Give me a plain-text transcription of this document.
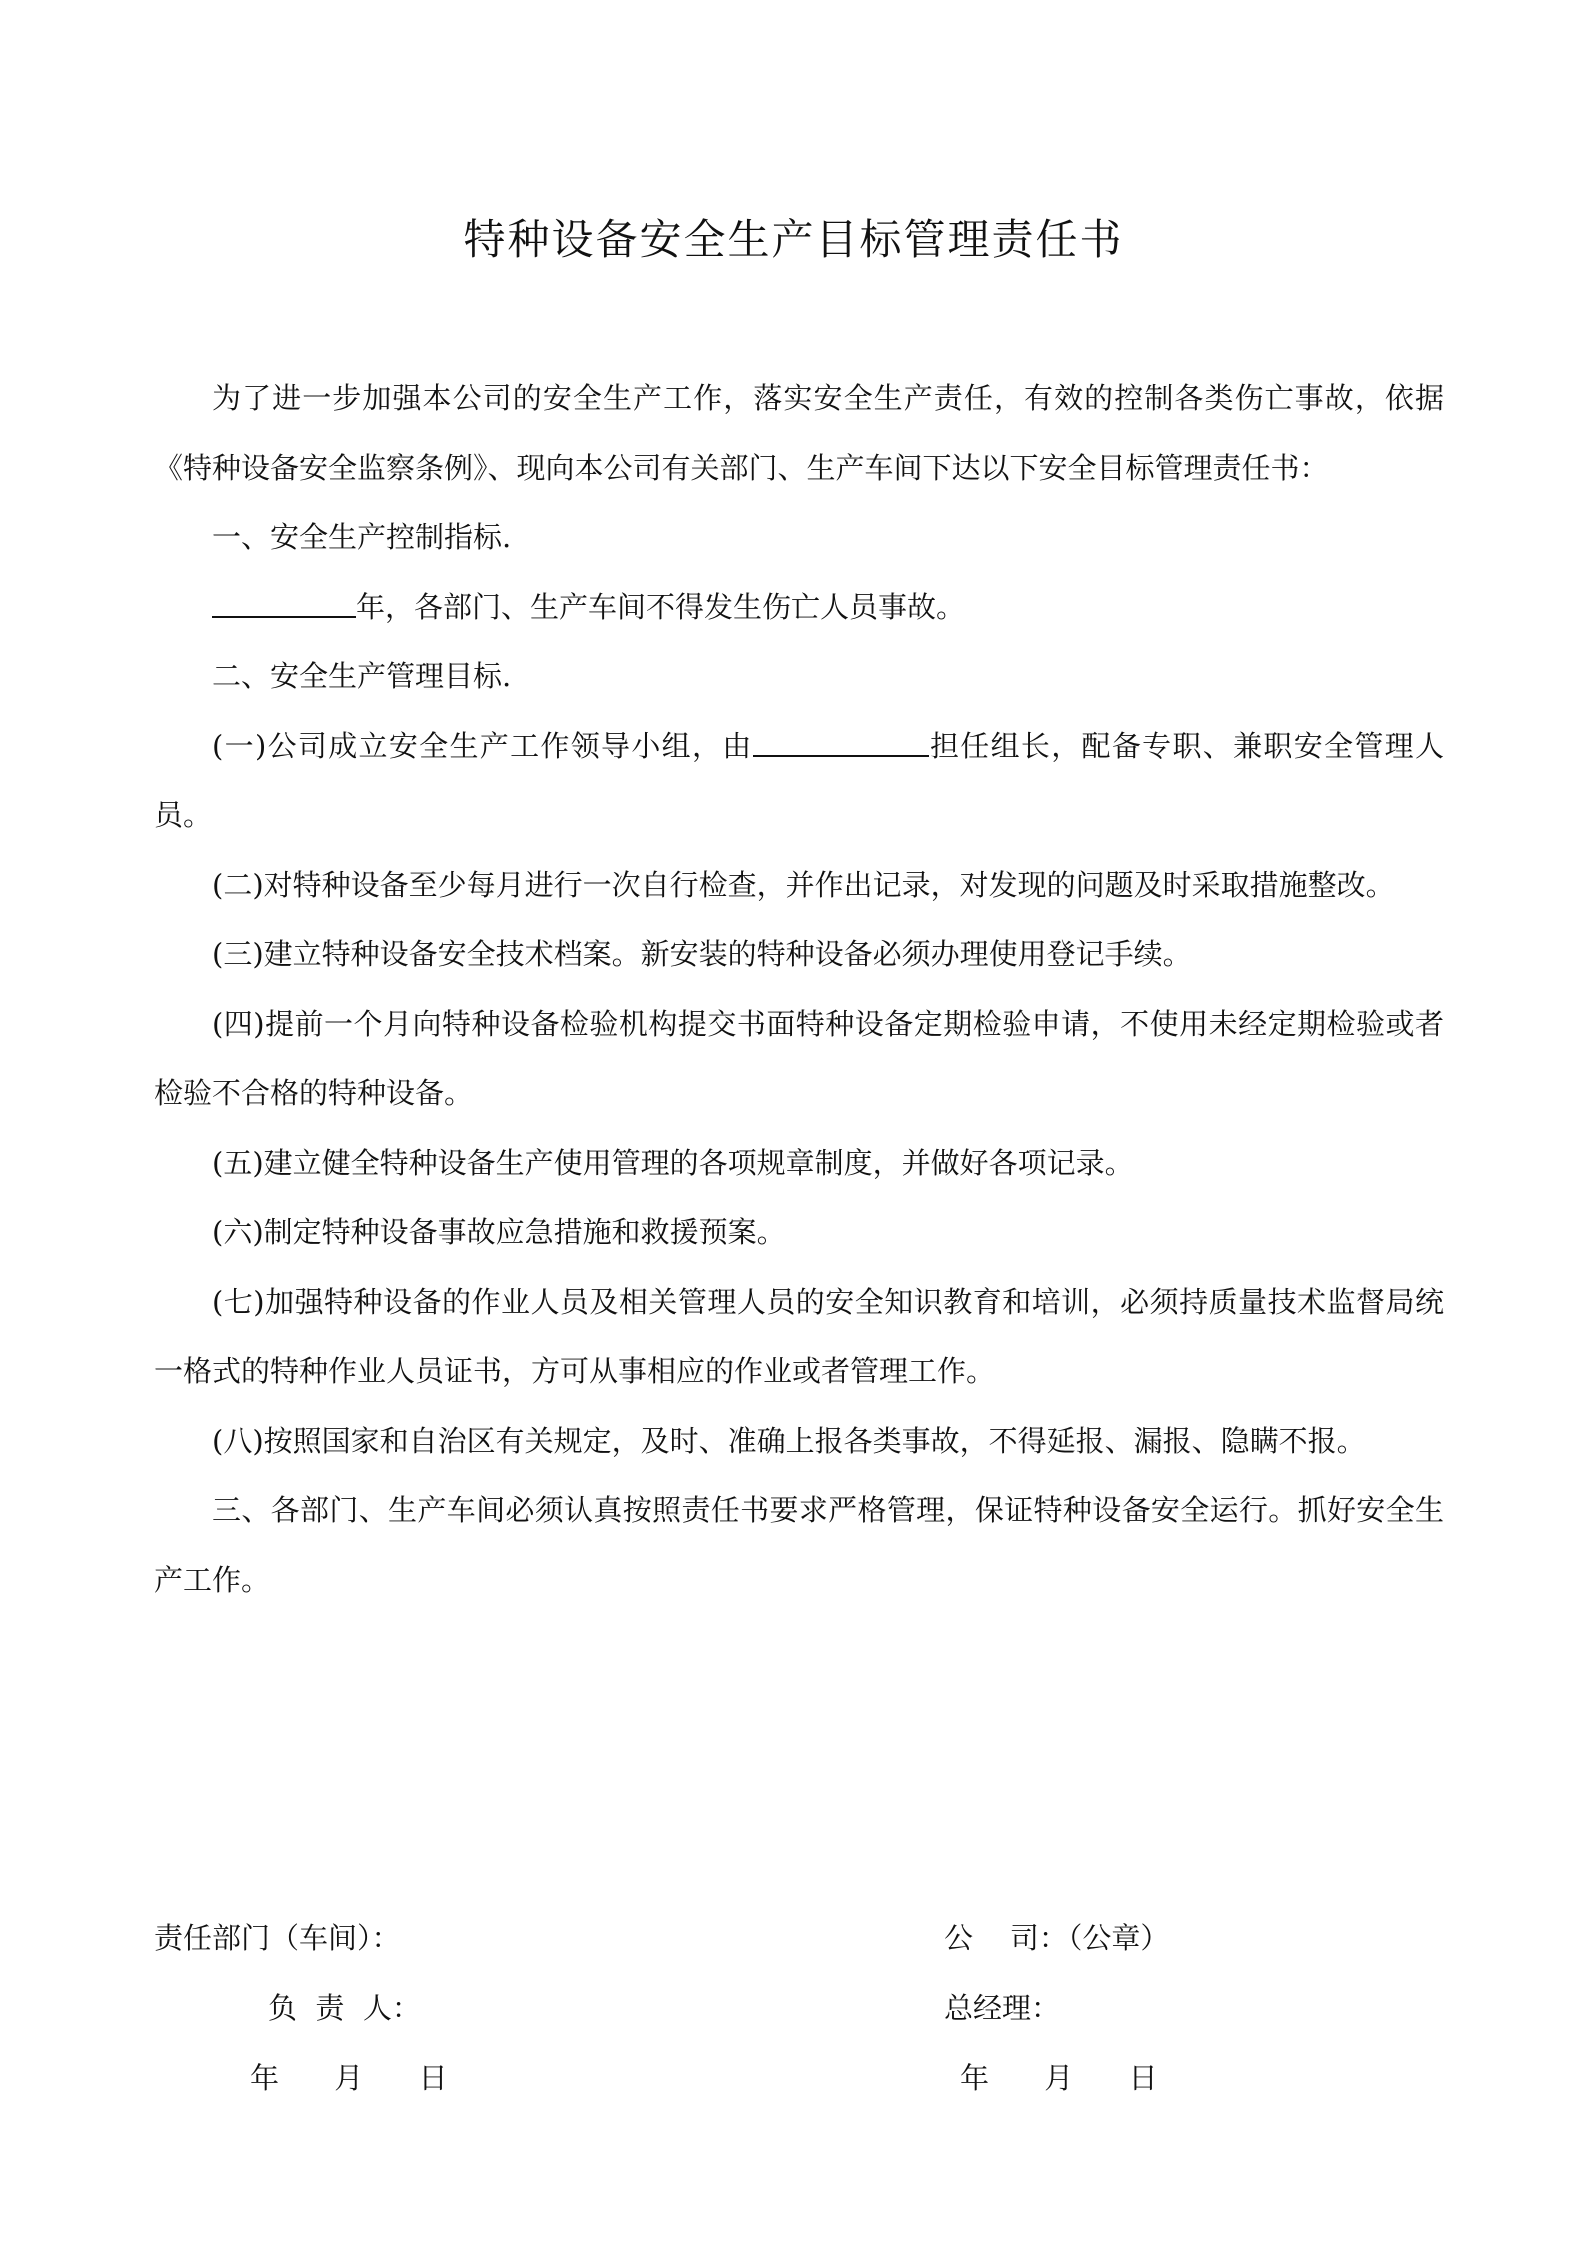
特种设备安全生产目标管理责任书

为了进一步加强本公司的安全生产工作，落实安全生产责任，有效的控制各类伤亡事故，依据《特种设备安全监察条例》、现向本公司有关部门、生产车间下达以下安全目标管理责任书：

一、安全生产控制指标.

年，各部门、生产车间不得发生伤亡人员事故。

二、安全生产管理目标.

(一)公司成立安全生产工作领导小组，由	担任组长，配备专职、兼职安全管理人员。

(二)对特种设备至少每月进行一次自行检查，并作出记录，对发现的问题及时采取措施整改。

(三)建立特种设备安全技术档案。新安装的特种设备必须办理使用登记手续。

(四)提前一个月向特种设备检验机构提交书面特种设备定期检验申请，不使用未经定期检验或者检验不合格的特种设备。

(五)建立健全特种设备生产使用管理的各项规章制度，并做好各项记录。

(六)制定特种设备事故应急措施和救援预案。

(七)加强特种设备的作业人员及相关管理人员的安全知识教育和培训，必须持质量技术监督局统一格式的特种作业人员证书，方可从事相应的作业或者管理工作。

(八)按照国家和自治区有关规定，及时、准确上报各类事故，不得延报、漏报、隐瞒不报。

三、各部门、生产车间必须认真按照责任书要求严格管理，保证特种设备安全运行。抓好安全生产工作。

责任部门（车间）：
负  责  人：
年      月      日
公    司：（公章）
总经理：
年      月      日
